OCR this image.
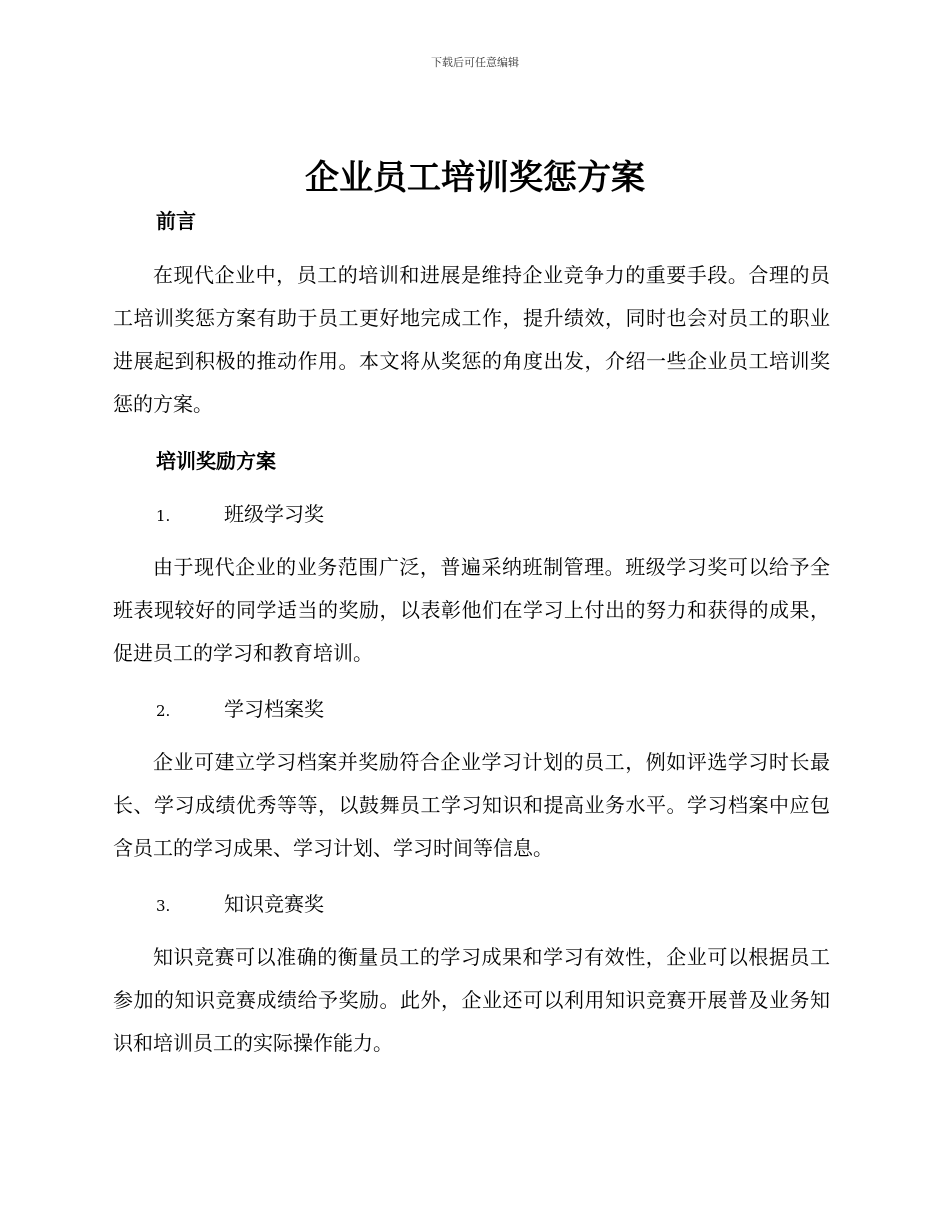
下载后可任意编辑
企业员工培训奖惩方案
前言

在现代企业中，员工的培训和进展是维持企业竞争力的重要手段。合理的员工培训奖惩方案有助于员工更好地完成工作，提升绩效，同时也会对员工的职业进展起到积极的推动作用。本文将从奖惩的角度出发，介绍一些企业员工培训奖惩的方案。

培训奖励方案
1.	班级学习奖

由于现代企业的业务范围广泛，普遍采纳班制管理。班级学习奖可以给予全班表现较好的同学适当的奖励，以表彰他们在学习上付出的努力和获得的成果，促进员工的学习和教育培训。

2.	学习档案奖

企业可建立学习档案并奖励符合企业学习计划的员工，例如评选学习时长最长、学习成绩优秀等等，以鼓舞员工学习知识和提高业务水平。学习档案中应包含员工的学习成果、学习计划、学习时间等信息。

3.	知识竞赛奖

知识竞赛可以准确的衡量员工的学习成果和学习有效性，企业可以根据员工参加的知识竞赛成绩给予奖励。此外，企业还可以利用知识竞赛开展普及业务知识和培训员工的实际操作能力。
